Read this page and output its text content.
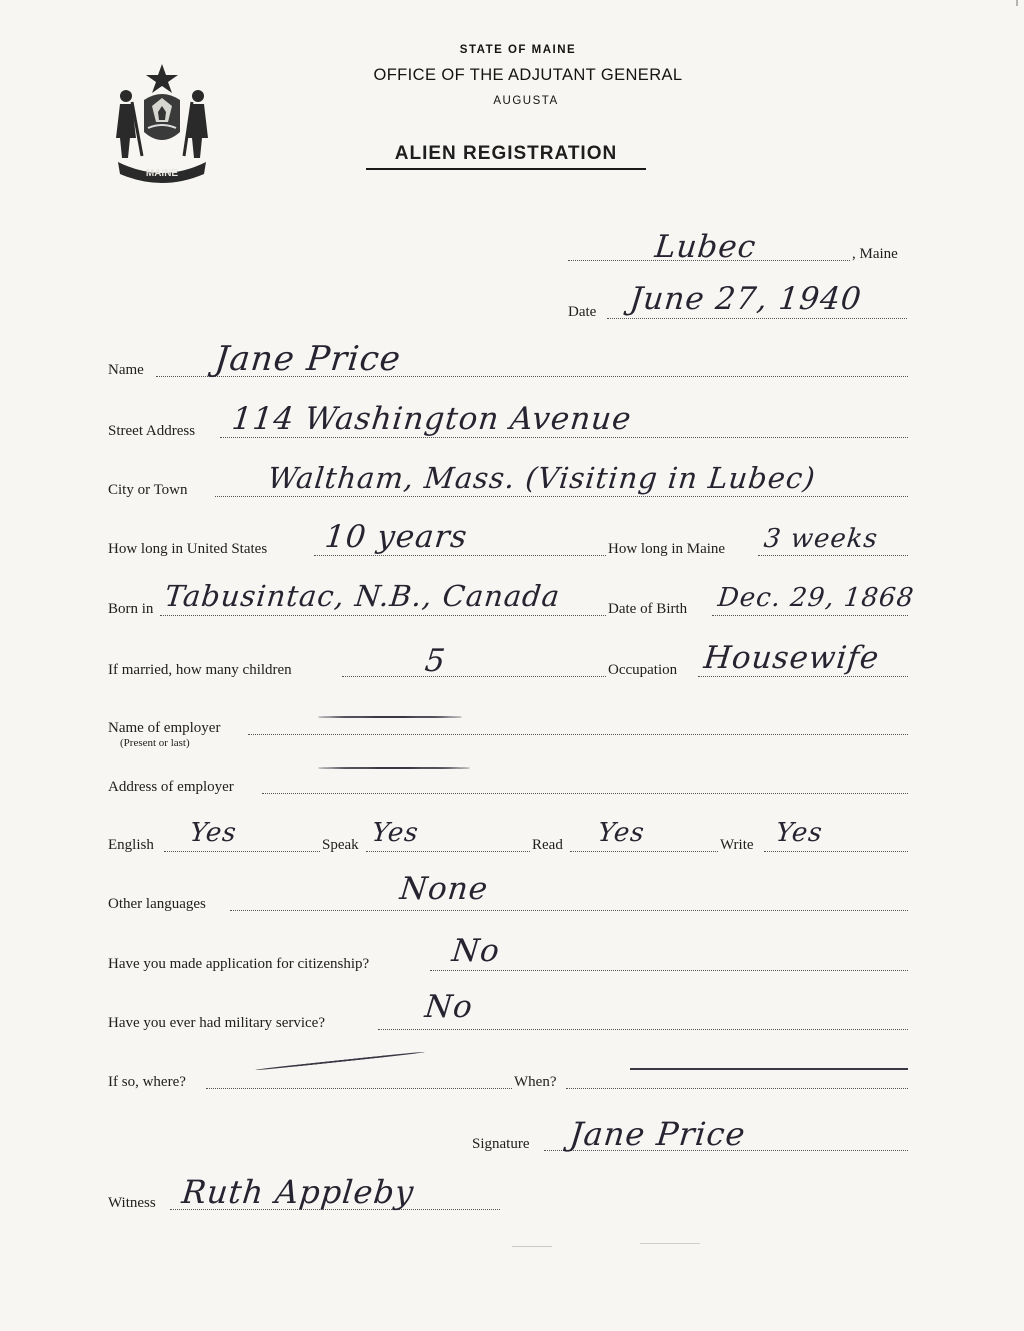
MAINE
STATE OF MAINE
OFFICE OF THE ADJUTANT GENERAL
AUGUSTA
ALIEN REGISTRATION
Lubec	, Maine
Date June 27, 1940
Name Jane Price
Street Address 114 Washington Avenue
City or Town	Waltham, Mass. (Visiting in Lubec)
How long in United States 10 years	How long in Maine 3 weeks
Born in Tabusintac, N.B., Canada	Date of Birth Dec. 29, 1868
If married, how many children	5	Occupation Housewife
Name of employer
(Present or last)
Address of employer
English Yes	Speak Yes	Read Yes	Write Yes
Other languages	None
Have you made application for citizenship?	No
Have you ever had military service?	No
If so, where?	When?
Signature Jane Price
Witness Ruth Appleby
